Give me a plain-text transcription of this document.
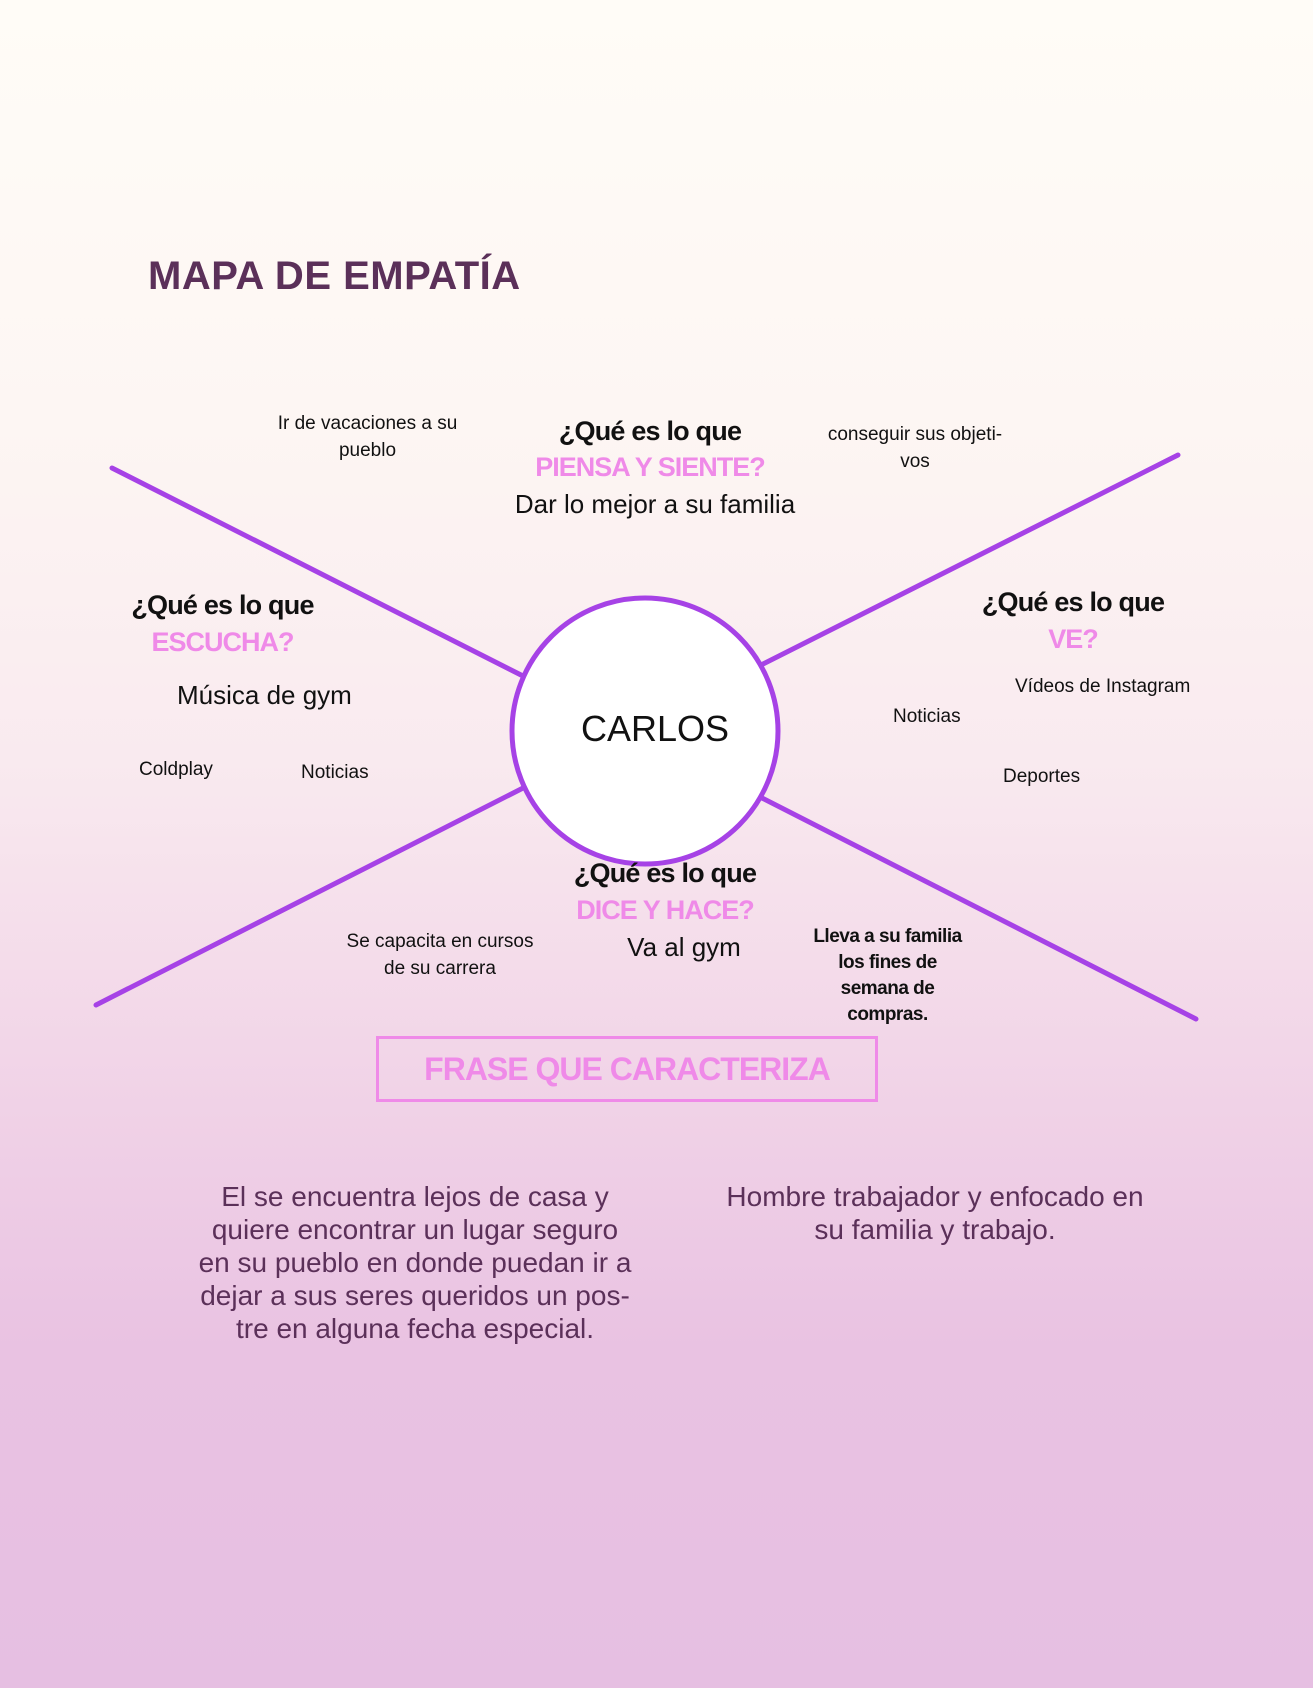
MAPA DE EMPATÍA
CARLOS
¿Qué es lo que
PIENSA Y SIENTE?
Dar lo mejor a su familia
Ir de vacaciones a su
pueblo
conseguir sus objeti-
vos
¿Qué es lo que
ESCUCHA?
Música de gym
Coldplay	Noticias
¿Qué es lo que
VE?
Vídeos de Instagram
Noticias
Deportes
¿Qué es lo que
DICE Y HACE?
Va al gym
Se capacita en cursos
de su carrera
Lleva a su familia
los fines de
semana de
compras.
FRASE QUE CARACTERIZA
El se encuentra lejos de casa y
quiere encontrar un lugar seguro
en su pueblo en donde puedan ir a
dejar a sus seres queridos un pos-
tre en alguna fecha especial.
Hombre trabajador y enfocado en
su familia y trabajo.
